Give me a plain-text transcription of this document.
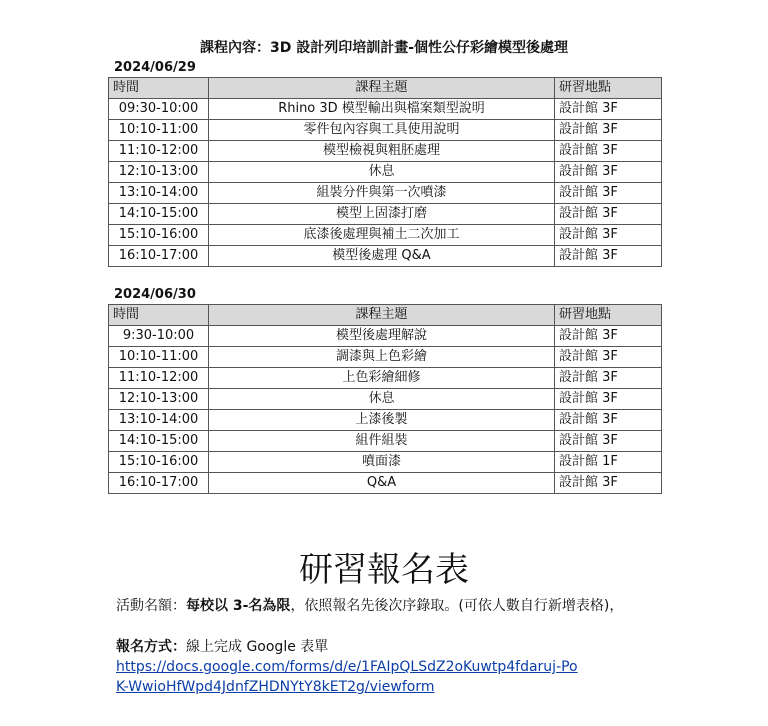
課程內容：3D 設計列印培訓計畫-個性公仔彩繪模型後處理
2024/06/29
時間	課程主題	研習地點
09:30-10:00	Rhino 3D 模型輸出與檔案類型說明	設計館 3F
10:10-11:00	零件包內容與工具使用說明	設計館 3F
11:10-12:00	模型檢視與粗胚處理	設計館 3F
12:10-13:00	休息	設計館 3F
13:10-14:00	組裝分件與第一次噴漆	設計館 3F
14:10-15:00	模型上固漆打磨	設計館 3F
15:10-16:00	底漆後處理與補土二次加工	設計館 3F
16:10-17:00	模型後處理 Q&A	設計館 3F
2024/06/30
時間	課程主題	研習地點
9:30-10:00	模型後處理解說	設計館 3F
10:10-11:00	調漆與上色彩繪	設計館 3F
11:10-12:00	上色彩繪細修	設計館 3F
12:10-13:00	休息	設計館 3F
13:10-14:00	上漆後製	設計館 3F
14:10-15:00	組件組裝	設計館 3F
15:10-16:00	噴面漆	設計館 1F
16:10-17:00	Q&A	設計館 3F
研習報名表
活動名額：每校以 3-名為限，依照報名先後次序錄取。(可依人數自行新增表格)，
報名方式：線上完成 Google 表單
https://docs.google.com/forms/d/e/1FAIpQLSdZ2oKuwtp4fdaruj-PoK-WwioHfWpd4JdnfZHDNYtY8kET2g/viewform
